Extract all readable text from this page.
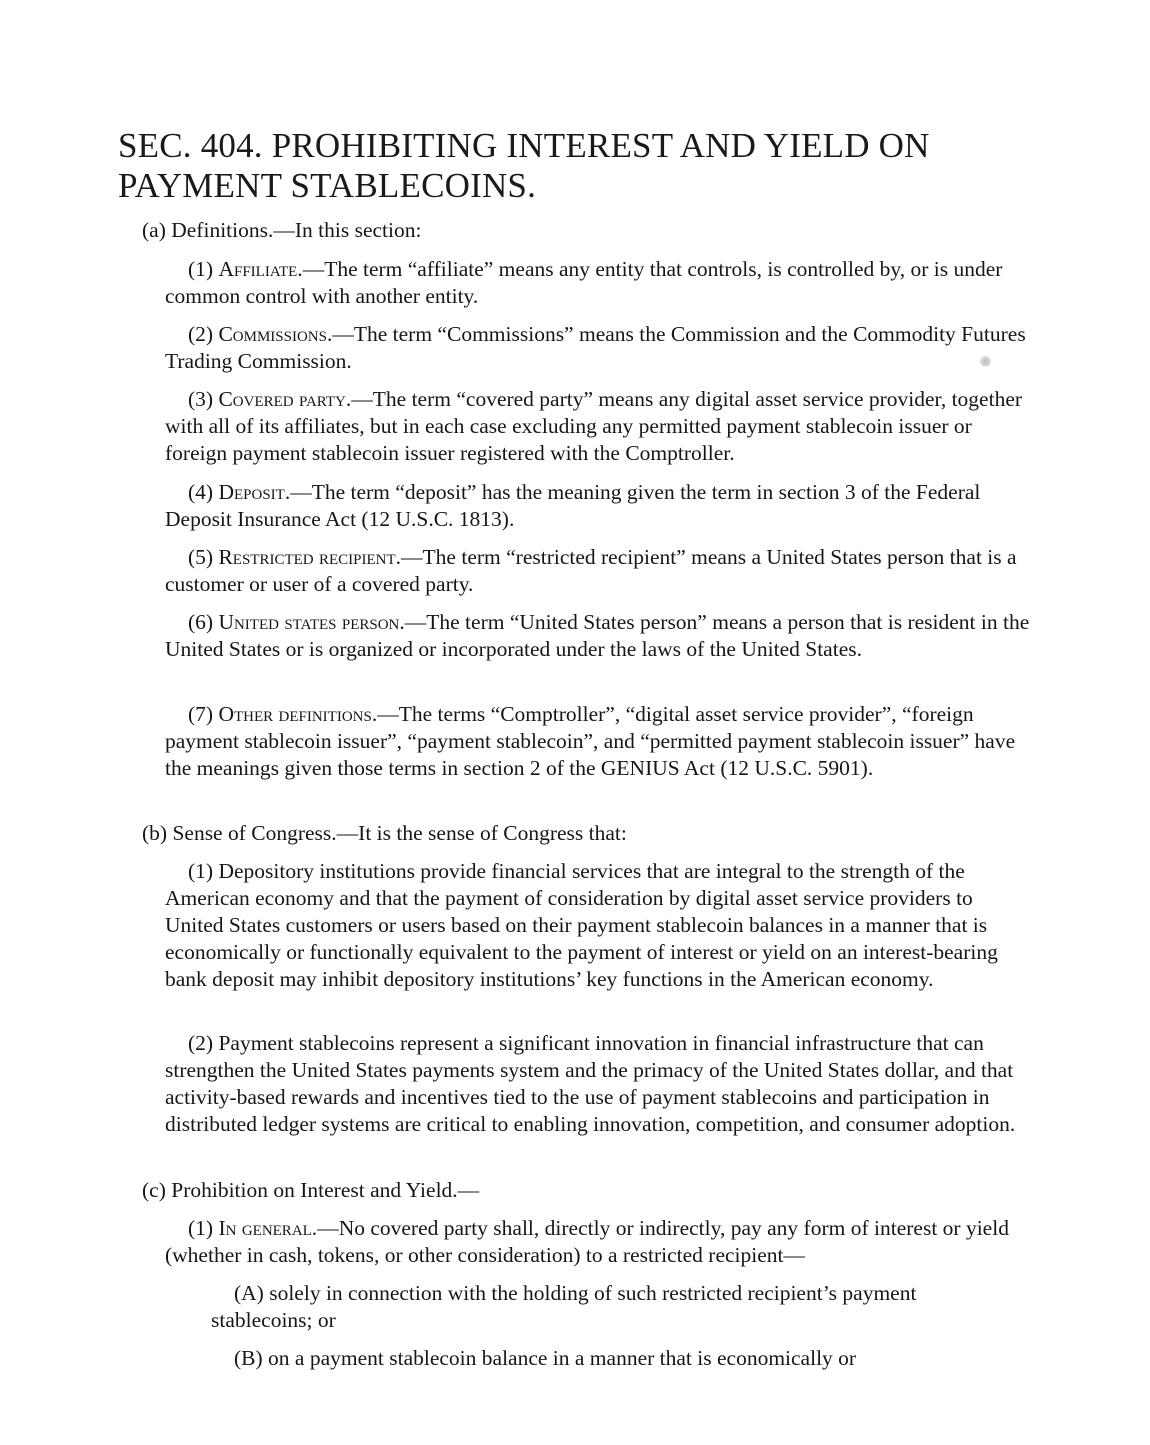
SEC. 404. PROHIBITING INTEREST AND YIELD ON PAYMENT STABLECOINS.

(a) Definitions.—In this section:

(1) Affiliate.—The term “affiliate” means any entity that controls, is controlled by, or is under common control with another entity.

(2) Commissions.—The term “Commissions” means the Commission and the Commodity Futures Trading Commission.

(3) Covered party.—The term “covered party” means any digital asset service provider, together with all of its affiliates, but in each case excluding any permitted payment stablecoin issuer or foreign payment stablecoin issuer registered with the Comptroller.

(4) Deposit.—The term “deposit” has the meaning given the term in section 3 of the Federal Deposit Insurance Act (12 U.S.C. 1813).

(5) Restricted recipient.—The term “restricted recipient” means a United States person that is a customer or user of a covered party.

(6) United states person.—The term “United States person” means a person that is resident in the United States or is organized or incorporated under the laws of the United States.

(7) Other definitions.—The terms “Comptroller”, “digital asset service provider”, “foreign payment stablecoin issuer”, “payment stablecoin”, and “permitted payment stablecoin issuer” have the meanings given those terms in section 2 of the GENIUS Act (12 U.S.C. 5901).

(b) Sense of Congress.—It is the sense of Congress that:

(1) Depository institutions provide financial services that are integral to the strength of the American economy and that the payment of consideration by digital asset service providers to United States customers or users based on their payment stablecoin balances in a manner that is economically or functionally equivalent to the payment of interest or yield on an interest-bearing bank deposit may inhibit depository institutions’ key functions in the American economy.

(2) Payment stablecoins represent a significant innovation in financial infrastructure that can strengthen the United States payments system and the primacy of the United States dollar, and that activity-based rewards and incentives tied to the use of payment stablecoins and participation in distributed ledger systems are critical to enabling innovation, competition, and consumer adoption.

(c) Prohibition on Interest and Yield.—

(1) In general.—No covered party shall, directly or indirectly, pay any form of interest or yield (whether in cash, tokens, or other consideration) to a restricted recipient—

(A) solely in connection with the holding of such restricted recipient’s payment stablecoins; or

(B) on a payment stablecoin balance in a manner that is economically or
